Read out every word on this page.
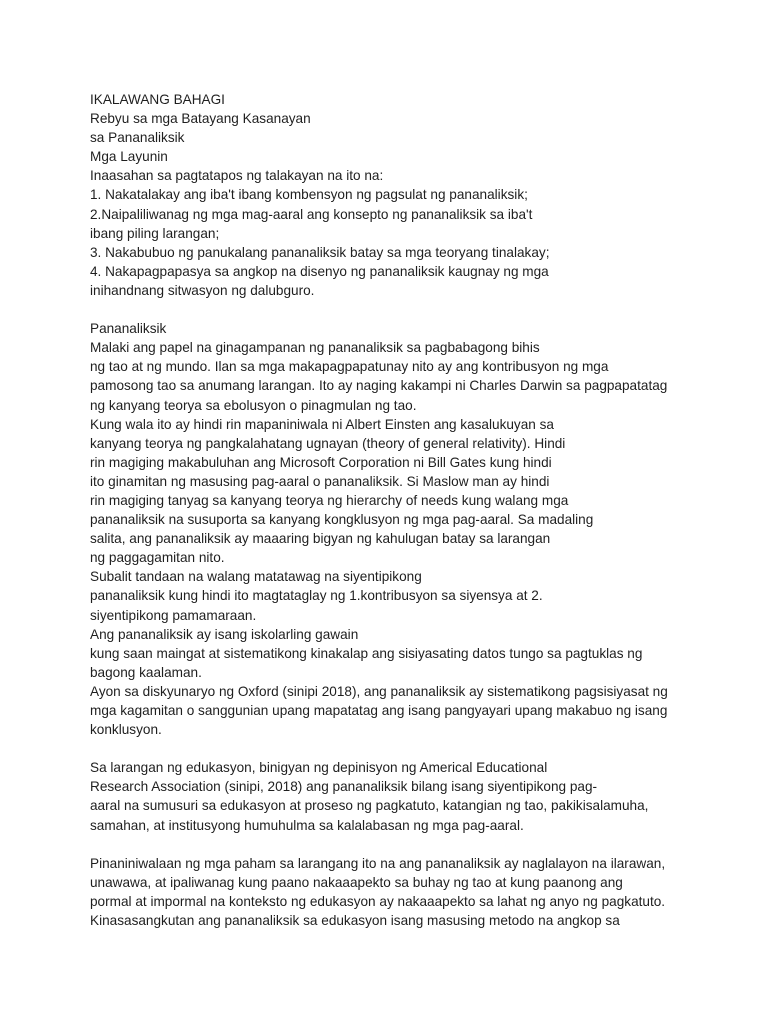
IKALAWANG BAHAGI
Rebyu sa mga Batayang Kasanayan
sa Pananaliksik
Mga Layunin
Inaasahan sa pagtatapos ng talakayan na ito na:
1. Nakatalakay ang iba't ibang kombensyon ng pagsulat ng pananaliksik;
2.Naipaliliwanag ng mga mag-aaral ang konsepto ng pananaliksik sa iba't
ibang piling larangan;
3. Nakabubuo ng panukalang pananaliksik batay sa mga teoryang tinalakay;
4. Nakapagpapasya sa angkop na disenyo ng pananaliksik kaugnay ng mga
inihandnang sitwasyon ng dalubguro.
Pananaliksik
Malaki ang papel na ginagampanan ng pananaliksik sa pagbabagong bihis
ng tao at ng mundo. Ilan sa mga makapagpapatunay nito ay ang kontribusyon ng mga
pamosong tao sa anumang larangan. Ito ay naging kakampi ni Charles Darwin sa pagpapatatag
ng kanyang teorya sa ebolusyon o pinagmulan ng tao.
Kung wala ito ay hindi rin mapaniniwala ni Albert Einsten ang kasalukuyan sa
kanyang teorya ng pangkalahatang ugnayan (theory of general relativity). Hindi
rin magiging makabuluhan ang Microsoft Corporation ni Bill Gates kung hindi
ito ginamitan ng masusing pag-aaral o pananaliksik. Si Maslow man ay hindi
rin magiging tanyag sa kanyang teorya ng hierarchy of needs kung walang mga
pananaliksik na susuporta sa kanyang kongklusyon ng mga pag-aaral. Sa madaling
salita, ang pananaliksik ay maaaring bigyan ng kahulugan batay sa larangan
ng paggagamitan nito.
Subalit tandaan na walang matatawag na siyentipikong
pananaliksik kung hindi ito magtataglay ng 1.kontribusyon sa siyensya at 2.
siyentipikong pamamaraan.
Ang pananaliksik ay isang iskolarling gawain
kung saan maingat at sistematikong kinakalap ang sisiyasating datos tungo sa pagtuklas ng
bagong kaalaman.
Ayon sa diskyunaryo ng Oxford (sinipi 2018), ang pananaliksik ay sistematikong pagsisiyasat ng
mga kagamitan o sanggunian upang mapatatag ang isang pangyayari upang makabuo ng isang
konklusyon.
Sa larangan ng edukasyon, binigyan ng depinisyon ng Americal Educational
Research Association (sinipi, 2018) ang pananaliksik bilang isang siyentipikong pag-
aaral na sumusuri sa edukasyon at proseso ng pagkatuto, katangian ng tao, pakikisalamuha,
samahan, at institusyong humuhulma sa kalalabasan ng mga pag-aaral.
Pinaniniwalaan ng mga paham sa larangang ito na ang pananaliksik ay naglalayon na ilarawan,
unawawa, at ipaliwanag kung paano nakaaapekto sa buhay ng tao at kung paanong ang
pormal at impormal na konteksto ng edukasyon ay nakaaapekto sa lahat ng anyo ng pagkatuto.
Kinasasangkutan ang pananaliksik sa edukasyon isang masusing metodo na angkop sa
